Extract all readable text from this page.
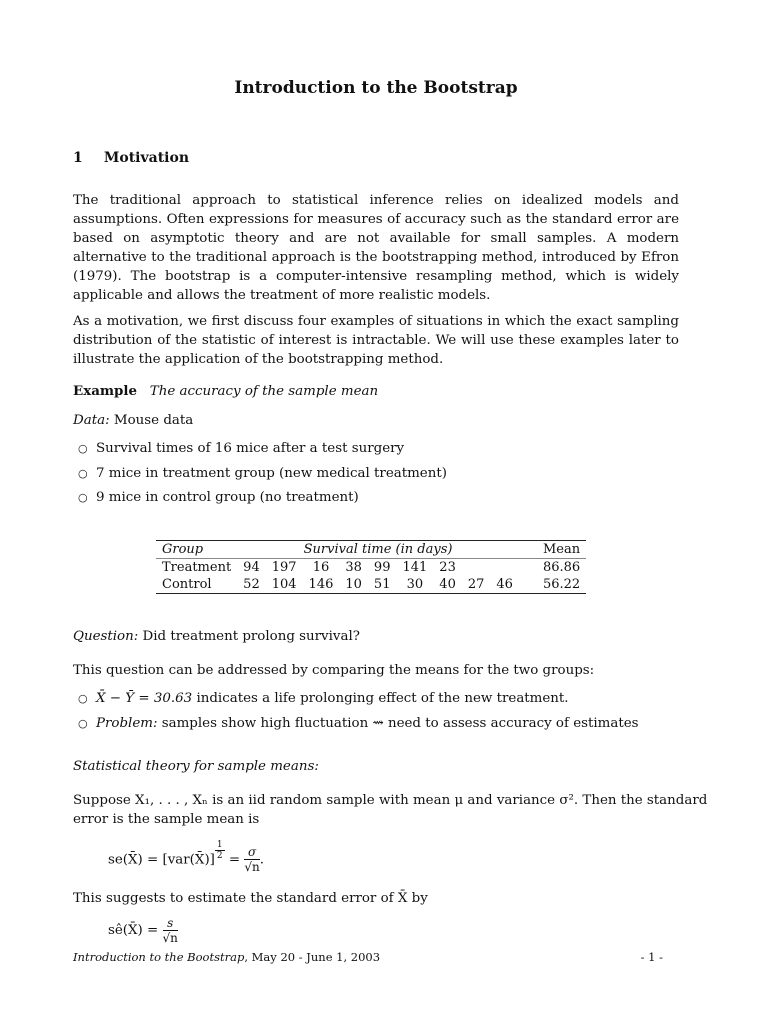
Introduction to the Bootstrap
1 Motivation
The traditional approach to statistical inference relies on idealized models and assumptions. Often expressions for measures of accuracy such as the standard error are based on asymptotic theory and are not available for small samples. A modern alternative to the traditional approach is the bootstrapping method, introduced by Efron (1979). The bootstrap is a computer-intensive resampling method, which is widely applicable and allows the treatment of more realistic models.
As a motivation, we first discuss four examples of situations in which the exact sampling distribution of the statistic of interest is intractable. We will use these examples later to illustrate the application of the bootstrapping method.
Example The accuracy of the sample mean
Data: Mouse data
○ Survival times of 16 mice after a test surgery
○ 7 mice in treatment group (new medical treatment)
○ 9 mice in control group (no treatment)
Group	Survival time (in days)									Mean
Treatment	94	197	16	38	99	141	23			86.86
Control	52	104	146	10	51	30	40	27	46	56.22
Question: Did treatment prolong survival?
This question can be addressed by comparing the means for the two groups:
○ X̄ − Ȳ = 30.63 indicates a life prolonging effect of the new treatment.
○ Problem: samples show high fluctuation ⇝ need to assess accuracy of estimates
Statistical theory for sample means:
Suppose X₁, . . . , Xₙ is an iid random sample with mean μ and variance σ². Then the standard
error is the sample mean is
se(X̄) = [var(X̄)] $\frac{1}{2} = \frac{\sigma}{√n}$ .
This suggests to estimate the standard error of X̄ by
sê(X̄) = $\frac{s}{√n}$
Introduction to the Bootstrap, May 20 - June 1, 2003	- 1 -
